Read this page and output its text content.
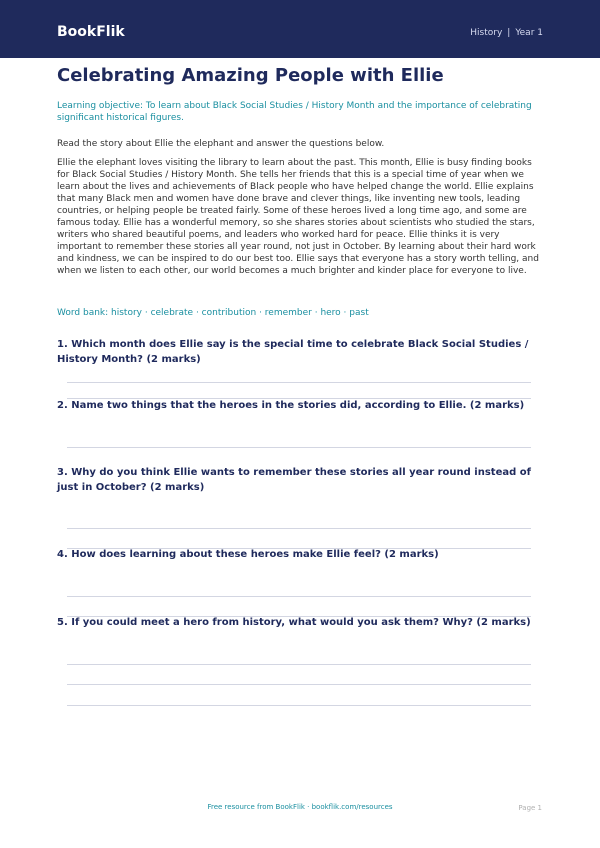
BookFlik	History | Year 1
Celebrating Amazing People with Ellie
Learning objective: To learn about Black Social Studies / History Month and the importance of celebrating significant historical figures.
Read the story about Ellie the elephant and answer the questions below.
Ellie the elephant loves visiting the library to learn about the past. This month, Ellie is busy finding books for Black Social Studies / History Month. She tells her friends that this is a special time of year when we learn about the lives and achievements of Black people who have helped change the world. Ellie explains that many Black men and women have done brave and clever things, like inventing new tools, leading countries, or helping people be treated fairly. Some of these heroes lived a long time ago, and some are famous today. Ellie has a wonderful memory, so she shares stories about scientists who studied the stars, writers who shared beautiful poems, and leaders who worked hard for peace. Ellie thinks it is very important to remember these stories all year round, not just in October. By learning about their hard work and kindness, we can be inspired to do our best too. Ellie says that everyone has a story worth telling, and when we listen to each other, our world becomes a much brighter and kinder place for everyone to live.
Word bank: history · celebrate · contribution · remember · hero · past
1. Which month does Ellie say is the special time to celebrate Black Social Studies / History Month? (2 marks)
2. Name two things that the heroes in the stories did, according to Ellie. (2 marks)
3. Why do you think Ellie wants to remember these stories all year round instead of just in October? (2 marks)
4. How does learning about these heroes make Ellie feel? (2 marks)
5. If you could meet a hero from history, what would you ask them? Why? (2 marks)
Free resource from BookFlik · bookflik.com/resources	Page 1
